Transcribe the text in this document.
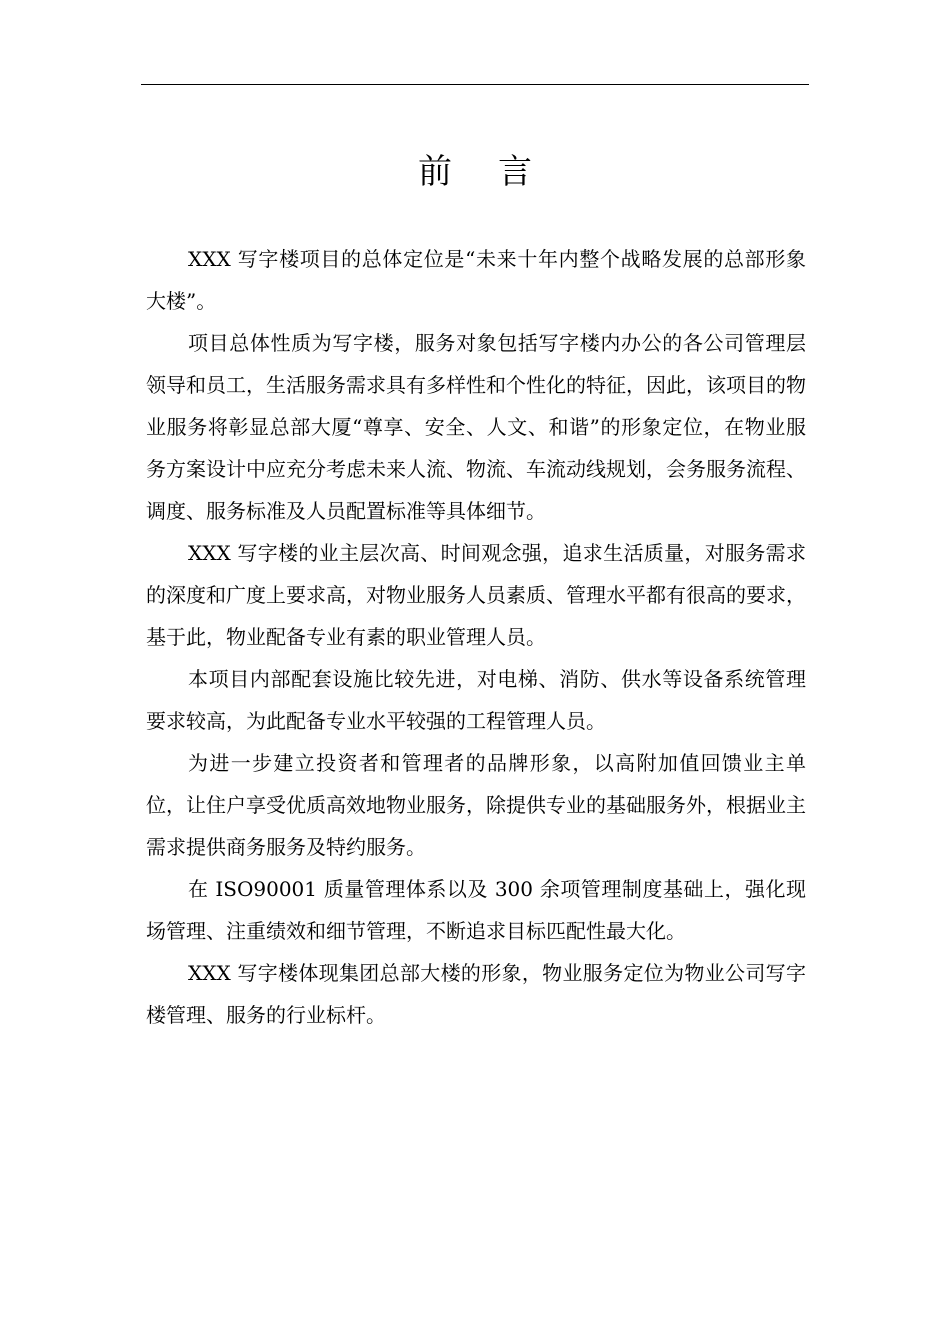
前言

XXX 写字楼项目的总体定位是“未来十年内整个战略发展的总部形象大楼”。

项目总体性质为写字楼，服务对象包括写字楼内办公的各公司管理层领导和员工，生活服务需求具有多样性和个性化的特征，因此，该项目的物业服务将彰显总部大厦“尊享、安全、人文、和谐”的形象定位，在物业服务方案设计中应充分考虑未来人流、物流、车流动线规划，会务服务流程、调度、服务标准及人员配置标准等具体细节。

XXX 写字楼的业主层次高、时间观念强，追求生活质量，对服务需求的深度和广度上要求高，对物业服务人员素质、管理水平都有很高的要求，基于此，物业配备专业有素的职业管理人员。

本项目内部配套设施比较先进，对电梯、消防、供水等设备系统管理要求较高，为此配备专业水平较强的工程管理人员。

为进一步建立投资者和管理者的品牌形象，以高附加值回馈业主单位，让住户享受优质高效地物业服务，除提供专业的基础服务外，根据业主需求提供商务服务及特约服务。

在 ISO90001 质量管理体系以及 300 余项管理制度基础上，强化现场管理、注重绩效和细节管理，不断追求目标匹配性最大化。

XXX 写字楼体现集团总部大楼的形象，物业服务定位为物业公司写字楼管理、服务的行业标杆。
